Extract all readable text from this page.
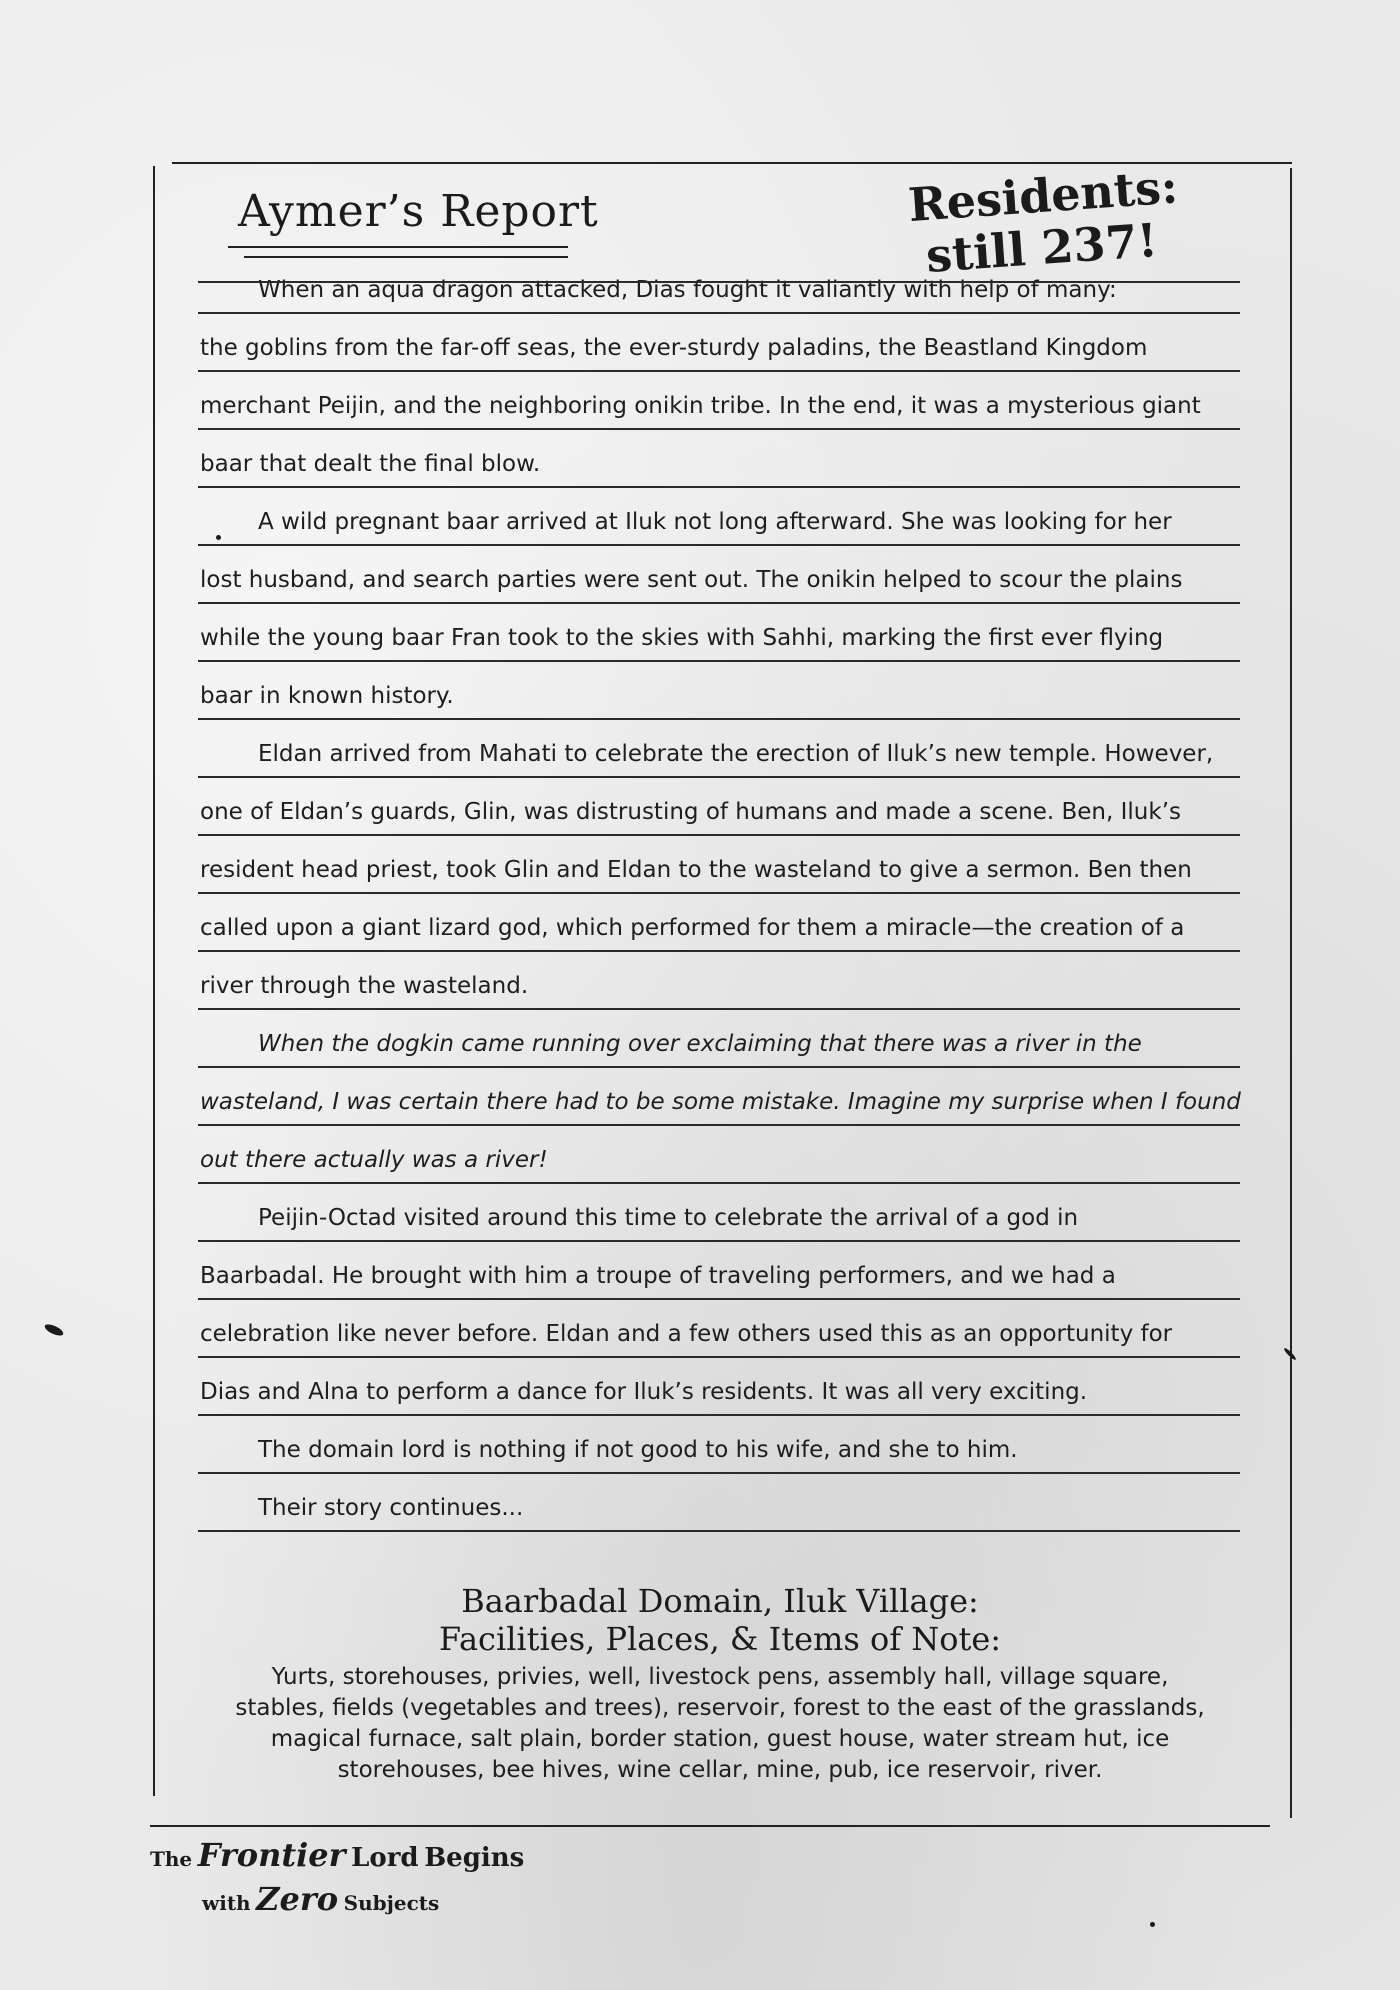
Aymer’s Report	Residents:
still 237!
When an aqua dragon attacked, Dias fought it valiantly with help of many:
the goblins from the far-off seas, the ever-sturdy paladins, the Beastland Kingdom
merchant Peijin, and the neighboring onikin tribe. In the end, it was a mysterious giant
baar that dealt the final blow.
A wild pregnant baar arrived at Iluk not long afterward. She was looking for her
lost husband, and search parties were sent out. The onikin helped to scour the plains
while the young baar Fran took to the skies with Sahhi, marking the first ever flying
baar in known history.
Eldan arrived from Mahati to celebrate the erection of Iluk’s new temple. However,
one of Eldan’s guards, Glin, was distrusting of humans and made a scene. Ben, Iluk’s
resident head priest, took Glin and Eldan to the wasteland to give a sermon. Ben then
called upon a giant lizard god, which performed for them a miracle—the creation of a
river through the wasteland.
When the dogkin came running over exclaiming that there was a river in the
wasteland, I was certain there had to be some mistake. Imagine my surprise when I found
out there actually was a river!
Peijin-Octad visited around this time to celebrate the arrival of a god in
Baarbadal. He brought with him a troupe of traveling performers, and we had a
celebration like never before. Eldan and a few others used this as an opportunity for
Dias and Alna to perform a dance for Iluk’s residents. It was all very exciting.
The domain lord is nothing if not good to his wife, and she to him.
Their story continues...
Baarbadal Domain, Iluk Village:
Facilities, Places, & Items of Note:

Yurts, storehouses, privies, well, livestock pens, assembly hall, village square,
stables, fields (vegetables and trees), reservoir, forest to the east of the grasslands,
magical furnace, salt plain, border station, guest house, water stream hut, ice
storehouses, bee hives, wine cellar, mine, pub, ice reservoir, river.

The Frontier Lord Begins
with Zero Subjects
